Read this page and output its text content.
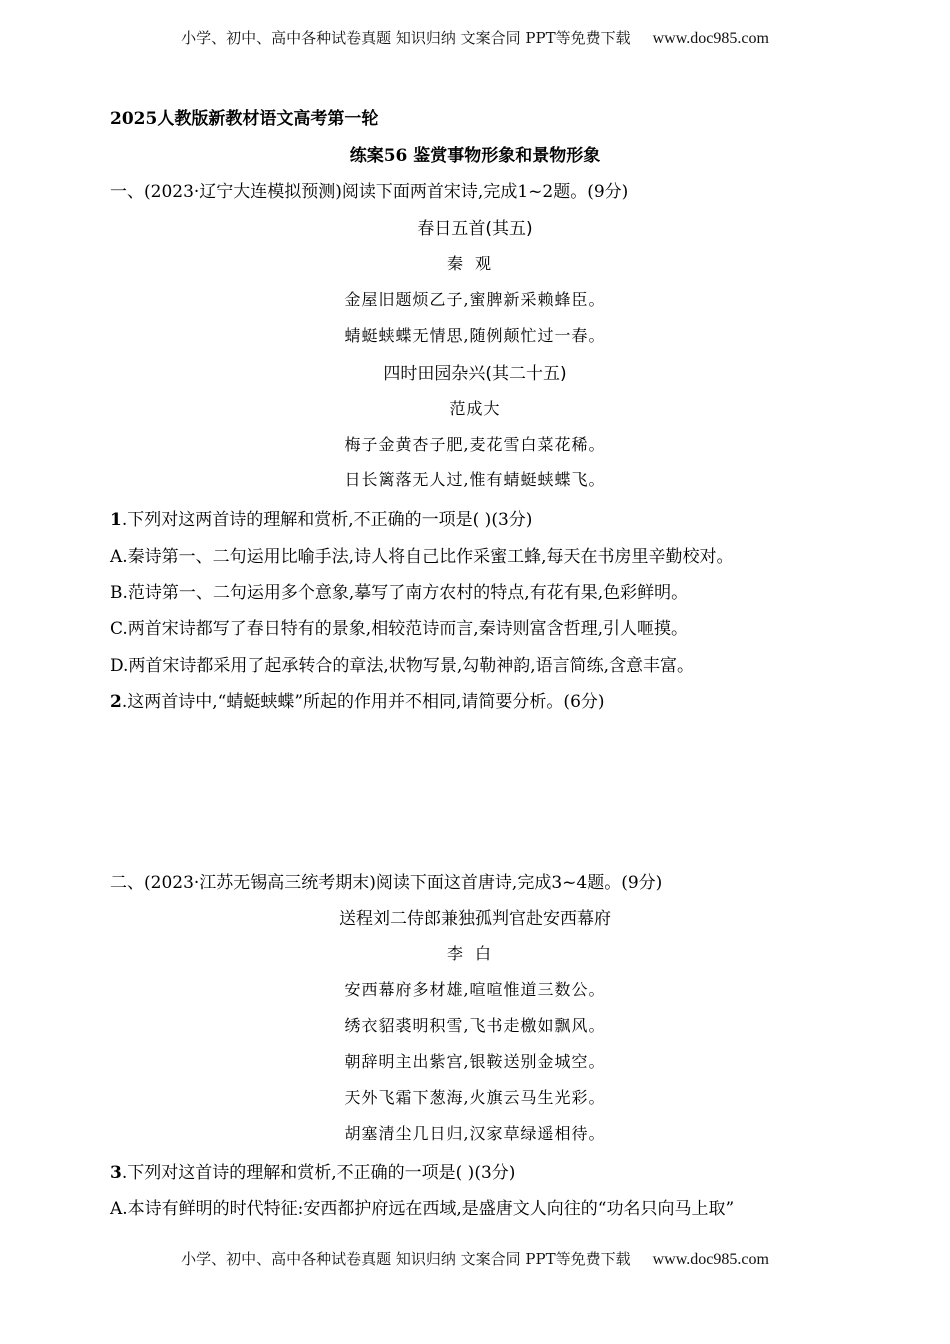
小学、初中、高中各种试卷真题 知识归纳 文案合同 PPT等免费下载 www.doc985.com
2025人教版新教材语文高考第一轮
练案56 鉴赏事物形象和景物形象
一、(2023·辽宁大连模拟预测)阅读下面两首宋诗,完成1~2题。(9分)
春日五首(其五)
秦观
金屋旧题烦乙子,蜜脾新采赖蜂臣。
蜻蜓蛱蝶无情思,随例颠忙过一春。
四时田园杂兴(其二十五)
范成大
梅子金黄杏子肥,麦花雪白菜花稀。
日长篱落无人过,惟有蜻蜓蛱蝶飞。
1.下列对这两首诗的理解和赏析,不正确的一项是( )(3分)
A.秦诗第一、二句运用比喻手法,诗人将自己比作采蜜工蜂,每天在书房里辛勤校对。
B.范诗第一、二句运用多个意象,摹写了南方农村的特点,有花有果,色彩鲜明。
C.两首宋诗都写了春日特有的景象,相较范诗而言,秦诗则富含哲理,引人咂摸。
D.两首宋诗都采用了起承转合的章法,状物写景,勾勒神韵,语言简练,含意丰富。
2.这两首诗中,“蜻蜓蛱蝶”所起的作用并不相同,请简要分析。(6分)
二、(2023·江苏无锡高三统考期末)阅读下面这首唐诗,完成3~4题。(9分)
送程刘二侍郎兼独孤判官赴安西幕府
李白
安西幕府多材雄,喧喧惟道三数公。
绣衣貂裘明积雪,飞书走檄如飘风。
朝辞明主出紫宫,银鞍送别金城空。
天外飞霜下葱海,火旗云马生光彩。
胡塞清尘几日归,汉家草绿遥相待。
3.下列对这首诗的理解和赏析,不正确的一项是( )(3分)
A.本诗有鲜明的时代特征:安西都护府远在西域,是盛唐文人向往的“功名只向马上取”
小学、初中、高中各种试卷真题 知识归纳 文案合同 PPT等免费下载 www.doc985.com
